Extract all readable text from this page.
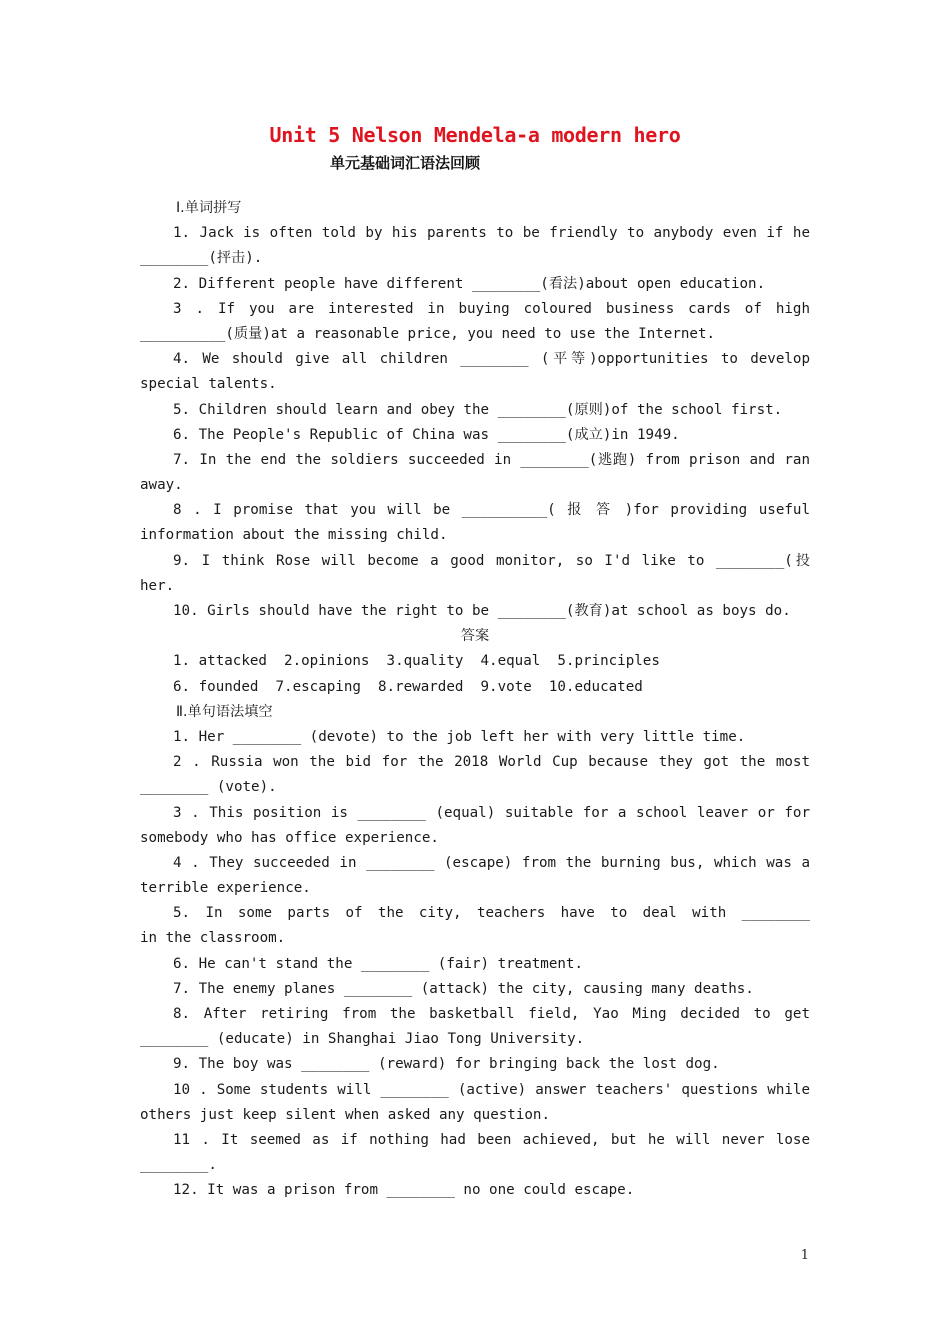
Unit 5 Nelson Mendela-a modern hero
单元基础词汇语法回顾
Ⅰ.单词拼写
1. Jack is often told by his parents to be friendly to anybody even if he
________(抨击).
2. Different people have different ________(看法)about open education.
3 . If you are interested in buying coloured business cards of high
__________(质量)at a reasonable price, you need to use the Internet.
4. We should give all children ________ (平等)opportunities to develop
special talents.
5. Children should learn and obey the ________(原则)of the school first.
6. The People's Republic of China was ________(成立)in 1949.
7. In the end the soldiers succeeded in ________(逃跑) from prison and ran
away.
8 . I promise that you will be __________( 报 答 )for providing useful
information about the missing child.
9. I think Rose will become a good monitor, so I'd like to ________(投
her.
10. Girls should have the right to be ________(教育)at school as boys do.
答案
1. attacked  2.opinions  3.quality  4.equal  5.principles
6. founded  7.escaping  8.rewarded  9.vote  10.educated
Ⅱ.单句语法填空
1. Her ________ (devote) to the job left her with very little time.
2 . Russia won the bid for the 2018 World Cup because they got the most
________ (vote).
3 . This position is ________ (equal) suitable for a school leaver or for
somebody who has office experience.
4 . They succeeded in ________ (escape) from the burning bus, which was a
terrible experience.
5. In some parts of the city, teachers have to deal with ________
in the classroom.
6. He can't stand the ________ (fair) treatment.
7. The enemy planes ________ (attack) the city, causing many deaths.
8. After retiring from the basketball field, Yao Ming decided to get
________ (educate) in Shanghai Jiao Tong University.
9. The boy was ________ (reward) for bringing back the lost dog.
10 . Some students will ________ (active) answer teachers' questions while
others just keep silent when asked any question.
11 . It seemed as if nothing had been achieved, but he will never lose
________.
12. It was a prison from ________ no one could escape.
1
